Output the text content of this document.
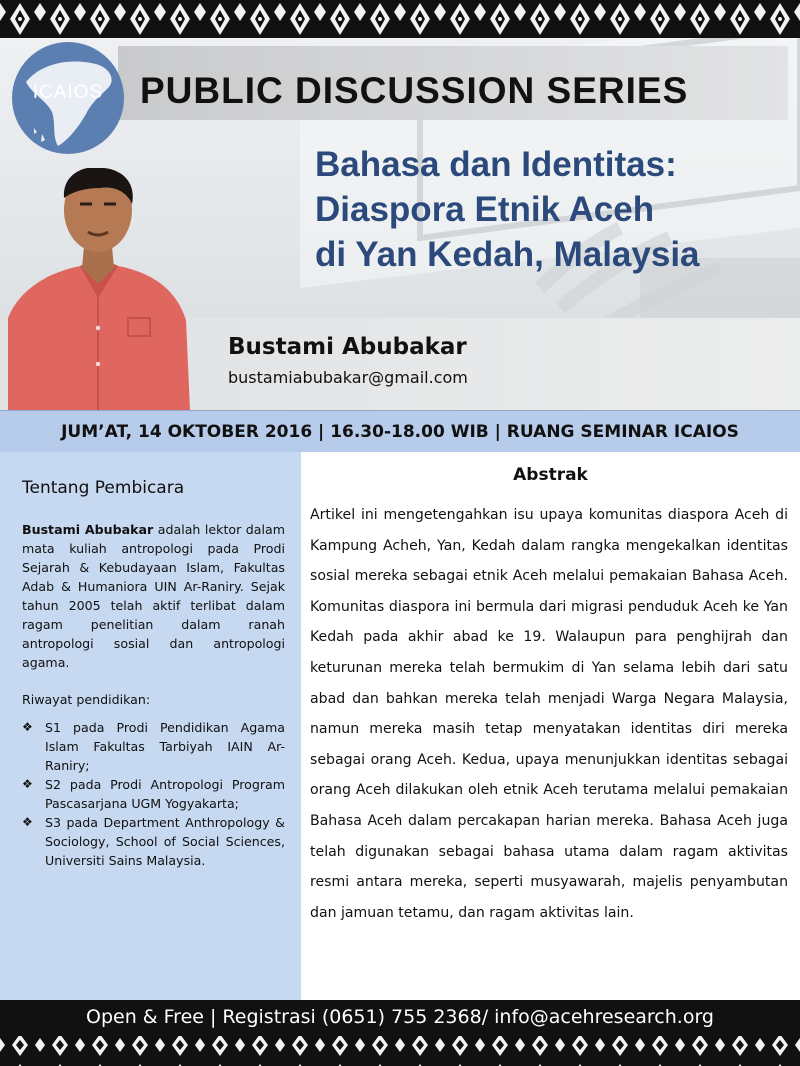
PUBLIC DISCUSSION SERIES
ICAIOS
Bahasa dan Identitas:
Diaspora Etnik Aceh
di Yan Kedah, Malaysia
Bustami Abubakar
bustamiabubakar@gmail.com
JUM’AT, 14 OKTOBER 2016 | 16.30-18.00 WIB | RUANG SEMINAR ICAIOS
Tentang Pembicara
Bustami Abubakar adalah lektor dalam mata kuliah antropologi pada Prodi Sejarah & Kebudayaan Islam, Fakultas Adab & Humaniora UIN Ar-Raniry. Sejak tahun 2005 telah aktif terlibat dalam ragam penelitian dalam ranah antropologi sosial dan antropologi agama.
Riwayat pendidikan:
❖ S1 pada Prodi Pendidikan Agama Islam Fakultas Tarbiyah IAIN Ar-Raniry;
❖ S2 pada Prodi Antropologi Program Pascasarjana UGM Yogyakarta;
❖ S3 pada Department Anthropology & Sociology, School of Social Sciences, Universiti Sains Malaysia.
Abstrak
Artikel ini mengetengahkan isu upaya komunitas diaspora Aceh di Kampung Acheh, Yan, Kedah dalam rangka mengekalkan identitas sosial mereka sebagai etnik Aceh melalui pemakaian Bahasa Aceh. Komunitas diaspora ini bermula dari migrasi penduduk Aceh ke Yan Kedah pada akhir abad ke 19. Walaupun para penghijrah dan keturunan mereka telah bermukim di Yan selama lebih dari satu abad dan bahkan mereka telah menjadi Warga Negara Malaysia, namun mereka masih tetap menyatakan identitas diri mereka sebagai orang Aceh. Kedua, upaya menunjukkan identitas sebagai orang Aceh dilakukan oleh etnik Aceh terutama melalui pemakaian Bahasa Aceh dalam percakapan harian mereka. Bahasa Aceh juga telah digunakan sebagai bahasa utama dalam ragam aktivitas resmi antara mereka, seperti musyawarah, majelis penyambutan dan jamuan tetamu, dan ragam aktivitas lain.
Open & Free | Registrasi (0651) 755 2368/ info@acehresearch.org
